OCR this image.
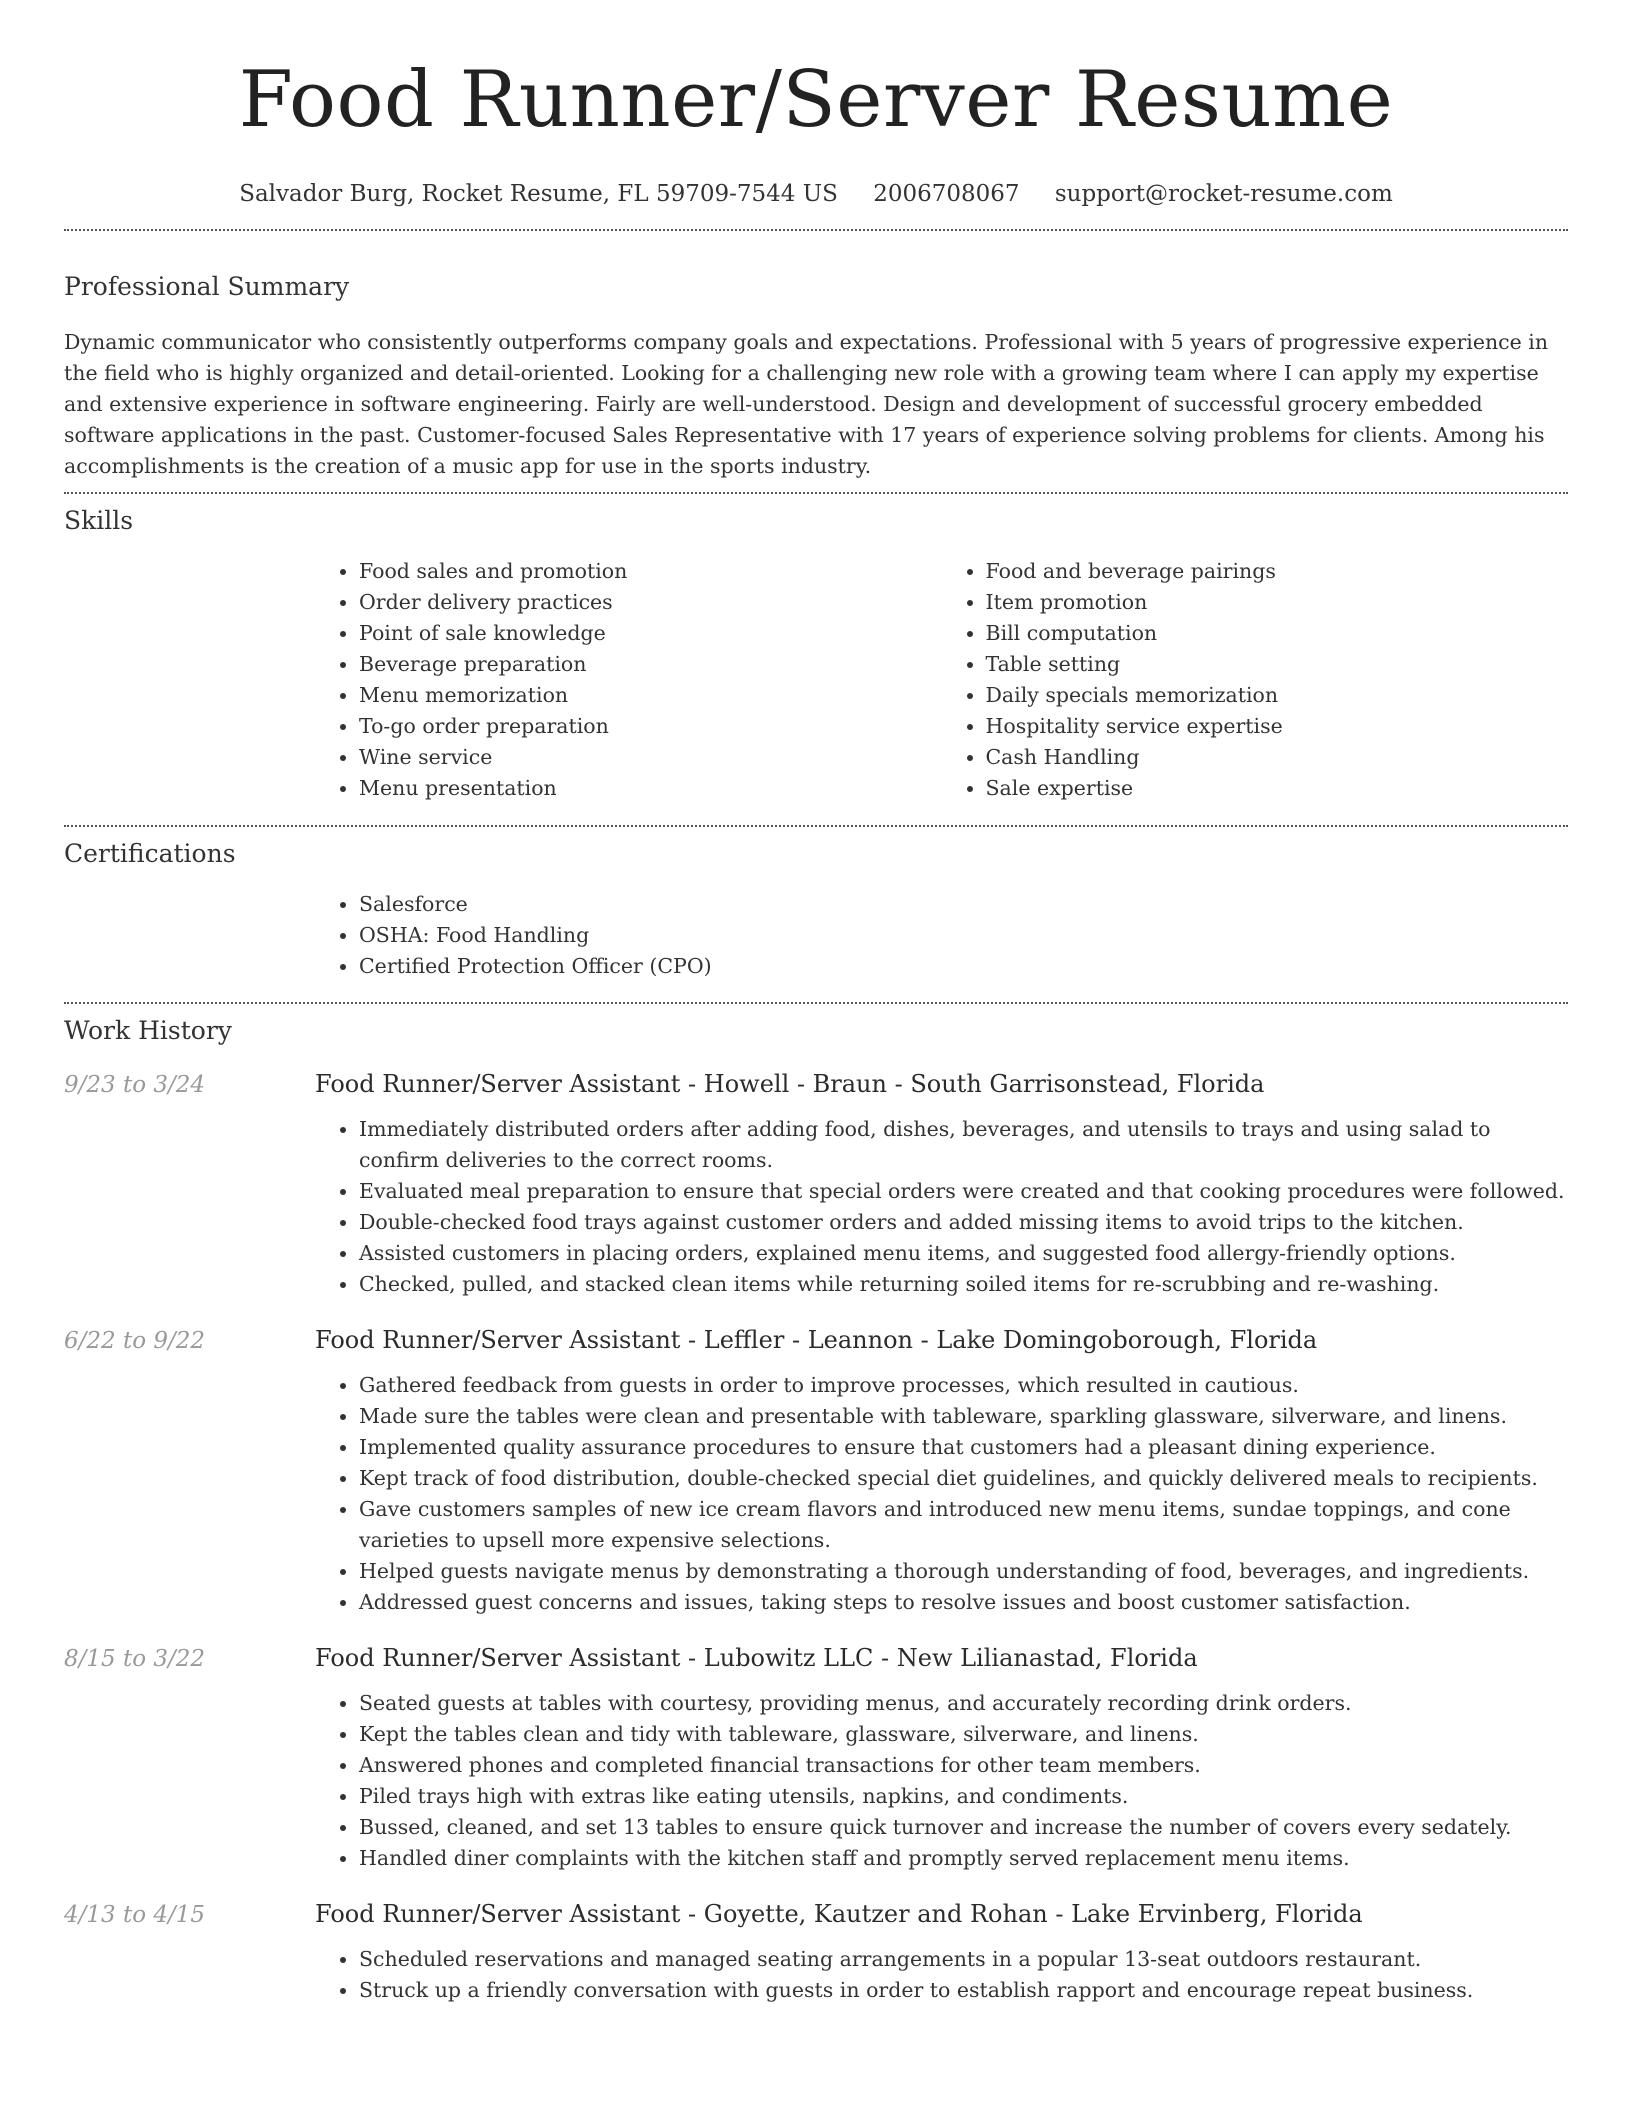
Food Runner/Server Resume
Salvador Burg, Rocket Resume, FL 59709-7544 US 2006708067 support@rocket-resume.com
Professional Summary

Dynamic communicator who consistently outperforms company goals and expectations. Professional with 5 years of progressive experience in the field who is highly organized and detail-oriented. Looking for a challenging new role with a growing team where I can apply my expertise and extensive experience in software engineering. Fairly are well-understood. Design and development of successful grocery embedded software applications in the past. Customer-focused Sales Representative with 17 years of experience solving problems for clients. Among his accomplishments is the creation of a music app for use in the sports industry.

Skills
• Food sales and promotion
• Order delivery practices
• Point of sale knowledge
• Beverage preparation
• Menu memorization
• To-go order preparation
• Wine service
• Menu presentation
• Food and beverage pairings
• Item promotion
• Bill computation
• Table setting
• Daily specials memorization
• Hospitality service expertise
• Cash Handling
• Sale expertise
Certifications
• Salesforce
• OSHA: Food Handling
• Certified Protection Officer (CPO)
Work History
9/23 to 3/24	Food Runner/Server Assistant - Howell - Braun - South Garrisonstead, Florida
• Immediately distributed orders after adding food, dishes, beverages, and utensils to trays and using salad to confirm deliveries to the correct rooms.
• Evaluated meal preparation to ensure that special orders were created and that cooking procedures were followed.
• Double-checked food trays against customer orders and added missing items to avoid trips to the kitchen.
• Assisted customers in placing orders, explained menu items, and suggested food allergy-friendly options.
• Checked, pulled, and stacked clean items while returning soiled items for re-scrubbing and re-washing.
6/22 to 9/22	Food Runner/Server Assistant - Leffler - Leannon - Lake Domingoborough, Florida
• Gathered feedback from guests in order to improve processes, which resulted in cautious.
• Made sure the tables were clean and presentable with tableware, sparkling glassware, silverware, and linens.
• Implemented quality assurance procedures to ensure that customers had a pleasant dining experience.
• Kept track of food distribution, double-checked special diet guidelines, and quickly delivered meals to recipients.
• Gave customers samples of new ice cream flavors and introduced new menu items, sundae toppings, and cone varieties to upsell more expensive selections.
• Helped guests navigate menus by demonstrating a thorough understanding of food, beverages, and ingredients.
• Addressed guest concerns and issues, taking steps to resolve issues and boost customer satisfaction.
8/15 to 3/22	Food Runner/Server Assistant - Lubowitz LLC - New Lilianastad, Florida
• Seated guests at tables with courtesy, providing menus, and accurately recording drink orders.
• Kept the tables clean and tidy with tableware, glassware, silverware, and linens.
• Answered phones and completed financial transactions for other team members.
• Piled trays high with extras like eating utensils, napkins, and condiments.
• Bussed, cleaned, and set 13 tables to ensure quick turnover and increase the number of covers every sedately.
• Handled diner complaints with the kitchen staff and promptly served replacement menu items.
4/13 to 4/15	Food Runner/Server Assistant - Goyette, Kautzer and Rohan - Lake Ervinberg, Florida
• Scheduled reservations and managed seating arrangements in a popular 13-seat outdoors restaurant.
• Struck up a friendly conversation with guests in order to establish rapport and encourage repeat business.
